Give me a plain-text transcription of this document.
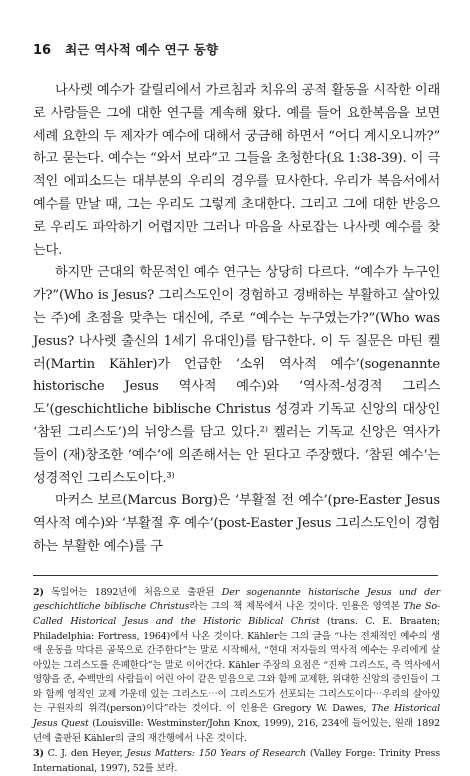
16 최근 역사적 예수 연구 동향

나사렛 예수가 갈릴리에서 가르침과 치유의 공적 활동을 시작한 이래로 사람들은 그에 대한 연구를 계속해 왔다. 예를 들어 요한복음을 보면 세례 요한의 두 제자가 예수에 대해서 궁금해 하면서 “어디 계시오니까?” 하고 묻는다. 예수는 “와서 보라”고 그들을 초청한다(요 1:38-39). 이 극적인 에피소드는 대부분의 우리의 경우를 묘사한다. 우리가 복음서에서 예수를 만날 때, 그는 우리도 그렇게 초대한다. 그리고 그에 대한 반응으로 우리도 파악하기 어렵지만 그러나 마음을 사로잡는 나사렛 예수를 찾는다.

하지만 근대의 학문적인 예수 연구는 상당히 다르다. “예수가 누구인가?”(Who is Jesus? 그리스도인이 경험하고 경배하는 부활하고 살아있는 주)에 초점을 맞추는 대신에, 주로 “예수는 누구였는가?”(Who was Jesus? 나사렛 출신의 1세기 유대인)를 탐구한다. 이 두 질문은 마틴 켈러(Martin Kähler)가 언급한 ‘소위 역사적 예수’(sogenannte historische Jesus 역사적 예수)와 ‘역사적-성경적 그리스도’(geschichtliche biblische Christus 성경과 기독교 신앙의 대상인 ‘참된 그리스도’)의 뉘앙스를 담고 있다.²⁾ 켈러는 기독교 신앙은 역사가들이 (재)창조한 ‘예수’에 의존해서는 안 된다고 주장했다. ‘참된 예수’는 성경적인 그리스도이다.³⁾

마커스 보르(Marcus Borg)은 ‘부활절 전 예수’(pre-Easter Jesus 역사적 예수)와 ‘부활절 후 예수’(post-Easter Jesus 그리스도인이 경험하는 부활한 예수)를 구

2) 독일어는 1892년에 처음으로 출판된 Der sogenannte historische Jesus und der geschichtliche biblische Christus라는 그의 책 제목에서 나온 것이다. 인용은 영역본 The So-Called Historical Jesus and the Historic Biblical Christ (trans. C. E. Braaten; Philadelphia: Fortress, 1964)에서 나온 것이다. Kähler는 그의 글을 “나는 전체적인 예수의 생애 운동을 막다른 골목으로 간주한다”는 말로 시작해서, “현대 저자들의 역사적 예수는 우리에게 살아있는 그리스도를 은폐한다”는 말로 이어간다. Kähler 주장의 요점은 “진짜 그리스도, 즉 역사에서 영향을 준, 수백만의 사람들이 어린 아이 같은 믿음으로 그와 함께 교제한, 위대한 신앙의 증인들이 그와 함께 영적인 교제 가운데 있는 그리스도⋯이 그리스도가 선포되는 그리스도이다⋯우리의 살아있는 구원자의 위격(person)이다”라는 것이다. 이 인용은 Gregory W. Dawes, The Historical Jesus Quest (Louisville: Westminster/John Knox, 1999), 216, 234에 들어있는, 원래 1892년에 출판된 Kähler의 글의 재간행에서 나온 것이다.

3) C. J. den Heyer, Jesus Matters: 150 Years of Research (Valley Forge: Trinity Press International, 1997), 52를 보라.
